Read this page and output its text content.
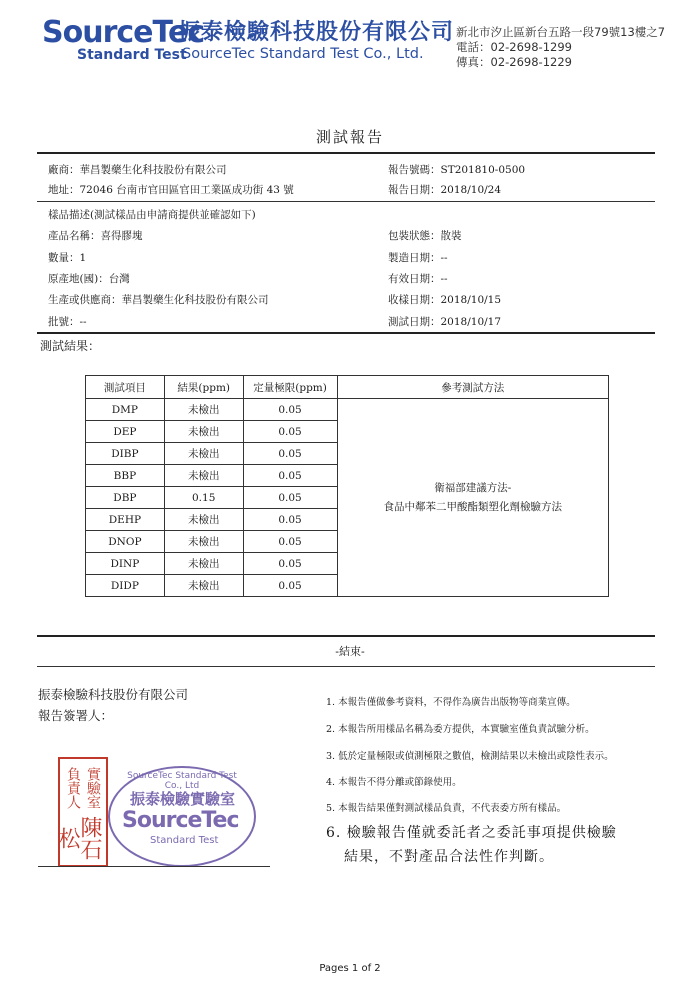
SourceTec
Standard Test
振泰檢驗科技股份有限公司
SourceTec Standard Test Co., Ltd.
新北市汐止區新台五路一段79號13樓之7
電話：02-2698-1299
傳真：02-2698-1229
測試報告
廠商：華昌製藥生化科技股份有限公司	報告號碼：ST201810-0500
地址：72046 台南市官田區官田工業區成功街 43 號	報告日期：2018/10/24
樣品描述(測試樣品由申請商提供並確認如下)
產品名稱：喜得膠塊	包裝狀態：散裝
數量：1	製造日期：--
原產地(國)：台灣	有效日期：--
生產或供應商：華昌製藥生化科技股份有限公司	收樣日期：2018/10/15
批號：--	測試日期：2018/10/17
測試結果：
測試項目	結果(ppm)	定量極限(ppm)	參考測試方法
DMP	未檢出	0.05	衛福部建議方法-
食品中鄰苯二甲酸酯類塑化劑檢驗方法

DEP	未檢出	0.05	
DIBP	未檢出	0.05	
BBP	未檢出	0.05	
DBP	0.15	0.05	
DEHP	未檢出	0.05	
DNOP	未檢出	0.05	
DINP	未檢出	0.05	
DIDP	未檢出	0.05	
-結束-
振泰檢驗科技股份有限公司
報告簽署人：
負責人 實驗室
陳石松
SourceTec Standard Test Co., Ltd
振泰檢驗實驗室
SourceTec
Standard Test
1. 本報告僅做參考資料，不得作為廣告出版物等商業宣傳。
2. 本報告所用樣品名稱為委方提供，本實驗室僅負責試驗分析。
3. 低於定量極限或偵測極限之數值，檢測結果以未檢出或陰性表示。
4. 本報告不得分離或節錄使用。
5. 本報告結果僅對測試樣品負責，不代表委方所有樣品。
6. 檢驗報告僅就委託者之委託事項提供檢驗
結果，不對產品合法性作判斷。
Pages 1 of 2
